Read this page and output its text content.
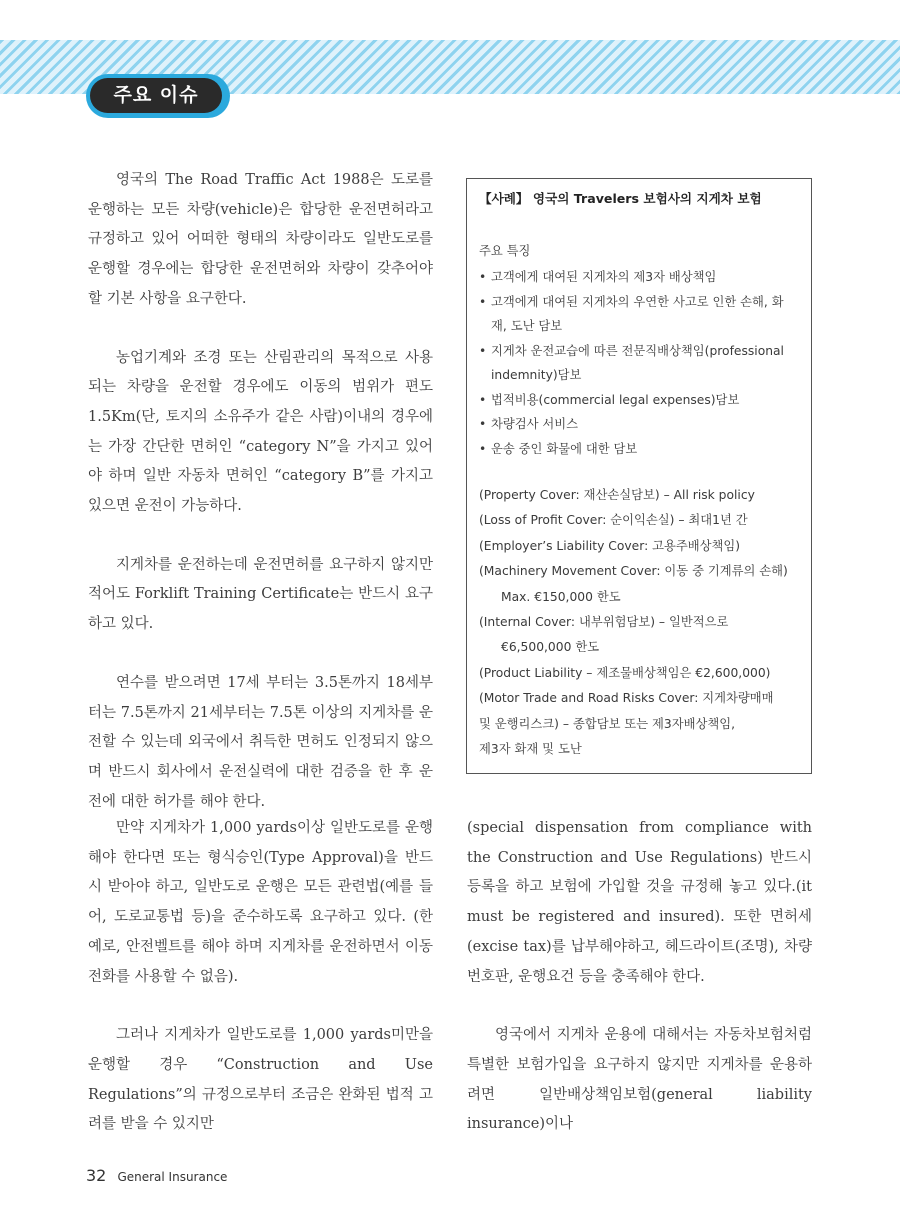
주요 이슈

영국의 The Road Traffic Act 1988은 도로를 운행하는 모든 차량(vehicle)은 합당한 운전면허라고 규정하고 있어 어떠한 형태의 차량이라도 일반도로를 운행할 경우에는 합당한 운전면허와 차량이 갖추어야 할 기본 사항을 요구한다.

농업기계와 조경 또는 산림관리의 목적으로 사용되는 차량을 운전할 경우에도 이동의 범위가 편도 1.5Km(단, 토지의 소유주가 같은 사람)이내의 경우에는 가장 간단한 면허인 “category N”을 가지고 있어야 하며 일반 자동차 면허인 “category B”를 가지고 있으면 운전이 가능하다.

지게차를 운전하는데 운전면허를 요구하지 않지만 적어도 Forklift Training Certificate는 반드시 요구하고 있다.

연수를 받으려면 17세 부터는 3.5톤까지 18세부터는 7.5톤까지 21세부터는 7.5톤 이상의 지게차를 운전할 수 있는데 외국에서 취득한 면허도 인정되지 않으며 반드시 회사에서 운전실력에 대한 검증을 한 후 운전에 대한 허가를 해야 한다.

【사례】 영국의 Travelers 보험사의 지게차 보험
주요 특징
• 고객에게 대여된 지게차의 제3자 배상책임
• 고객에게 대여된 지게차의 우연한 사고로 인한 손해, 화재, 도난 담보
• 지게차 운전교습에 따른 전문직배상책임(professional indemnity)담보
• 법적비용(commercial legal expenses)담보
• 차량검사 서비스
• 운송 중인 화물에 대한 담보
(Property Cover: 재산손실담보) – All risk policy
(Loss of Profit Cover: 순이익손실) – 최대1년 간
(Employer’s Liability Cover: 고용주배상책임)
(Machinery Movement Cover: 이동 중 기계류의 손해)
Max. €150,000 한도
(Internal Cover: 내부위험담보) – 일반적으로
€6,500,000 한도
(Product Liability – 제조물배상책임은 €2,600,000)
(Motor Trade and Road Risks Cover: 지게차량매매
및 운행리스크) – 종합담보 또는 제3자배상책임,
제3자 화재 및 도난

만약 지게차가 1,000 yards이상 일반도로를 운행해야 한다면 또는 형식승인(Type Approval)을 반드시 받아야 하고, 일반도로 운행은 모든 관련법(예를 들어, 도로교통법 등)을 준수하도록 요구하고 있다. (한 예로, 안전벨트를 해야 하며 지게차를 운전하면서 이동전화를 사용할 수 없음).

그러나 지게차가 일반도로를 1,000 yards미만을 운행할 경우 “Construction and Use Regulations”의 규정으로부터 조금은 완화된 법적 고려를 받을 수 있지만

(special dispensation from compliance with the Construction and Use Regulations) 반드시 등록을 하고 보험에 가입할 것을 규정해 놓고 있다.(it must be registered and insured). 또한 면허세(excise tax)를 납부해야하고, 헤드라이트(조명), 차량번호판, 운행요건 등을 충족해야 한다.

영국에서 지게차 운용에 대해서는 자동차보험처럼 특별한 보험가입을 요구하지 않지만 지게차를 운용하려면 일반배상책임보험(general liability insurance)이나

32 General Insurance
